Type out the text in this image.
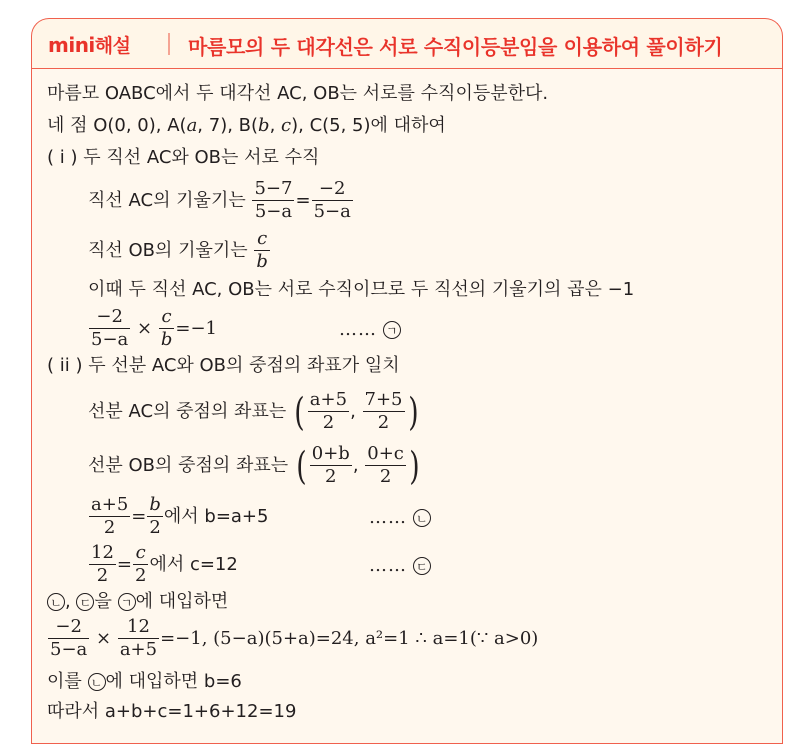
mini해설	마름모의 두 대각선은 서로 수직이등분임을 이용하여 풀이하기
마름모 OABC에서 두 대각선 AC, OB는 서로를 수직이등분한다.
네 점 O(0, 0), A(a, 7), B(b, c), C(5, 5)에 대하여
( i ) 두 직선 AC와 OB는 서로 수직
직선 AC의 기울기는 $\frac{5-7}{5-a} = \frac{-2}{5-a}$
직선 OB의 기울기는 $\frac{c}{b}$
이때 두 직선 AC, OB는 서로 수직이므로 두 직선의 기울기의 곱은 −1
$\frac{-2}{5-a} \times \frac{c}{b} =-1$	…… ㄱ
( ii ) 두 선분 AC와 OB의 중점의 좌표가 일치
선분 AC의 중점의 좌표는 ( $\frac{a+5}{2}$ , $\frac{7+5}{2}$ )
선분 OB의 중점의 좌표는 ( $\frac{0+b}{2}$ , $\frac{0+c}{2}$ )
$\frac{a+5}{2} = \frac{b}{2}$ 에서 b=a+5	…… ㄴ
$\frac{12}{2} = \frac{c}{2}$ 에서 c=12	…… ㄷ
ㄴ , ㄷ 을 ㄱ 에 대입하면
$\frac{-2}{5-a} \times \frac{12}{a+5} =-1$, (5−a)(5+a)=24, a²=1 ∴ a=1(∵ a>0)
이를 ㄴ 에 대입하면 b=6
따라서 a+b+c=1+6+12=19
